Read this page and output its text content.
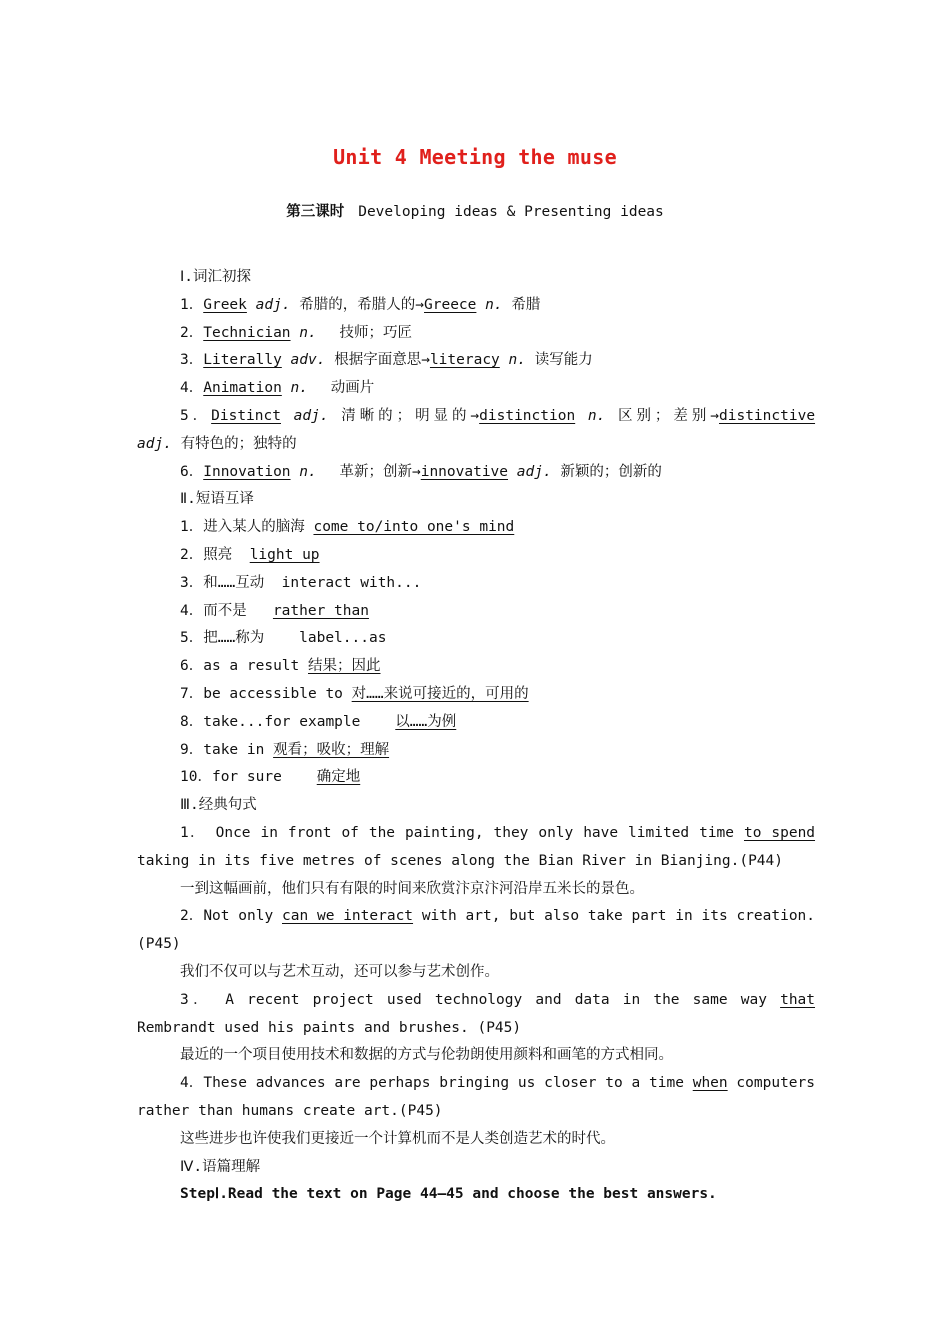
Unit 4 Meeting the muse
第三课时 Developing ideas & Presenting ideas
Ⅰ.词汇初探
1．Greek adj. 希腊的，希腊人的→Greece n. 希腊
2．Technician n. 技师；巧匠
3．Literally adv. 根据字面意思→literacy n. 读写能力
4．Animation n. 动画片
5．Distinct adj. 清晰的；明显的→distinction n. 区别；差别→distinctive
adj. 有特色的；独特的
6．Innovation n. 革新；创新→innovative adj. 新颖的；创新的
Ⅱ.短语互译
1．进入某人的脑海 come to/into one's mind
2．照亮 light up
3．和……互动 interact with...
4．而不是 rather than
5．把……称为 label...as
6．as a result 结果；因此
7．be accessible to 对……来说可接近的，可用的
8．take...for example 以……为例
9．take in 观看；吸收；理解
10．for sure 确定地
Ⅲ.经典句式
1． Once in front of the painting, they only have limited time to spend
taking in its five metres of scenes along the Bian River in Bianjing.(P44)
一到这幅画前，他们只有有限的时间来欣赏汴京汴河沿岸五米长的景色。
2．Not only can we interact with art, but also take part in its creation.
(P45)
我们不仅可以与艺术互动，还可以参与艺术创作。
3． A recent project used technology and data in the same way that
Rembrandt used his paints and brushes. (P45)
最近的一个项目使用技术和数据的方式与伦勃朗使用颜料和画笔的方式相同。
4．These advances are perhaps bringing us closer to a time when computers
rather than humans create art.(P45)
这些进步也许使我们更接近一个计算机而不是人类创造艺术的时代。
Ⅳ.语篇理解
StepⅠ.Read the text on Page 44—45 and choose the best answers.
